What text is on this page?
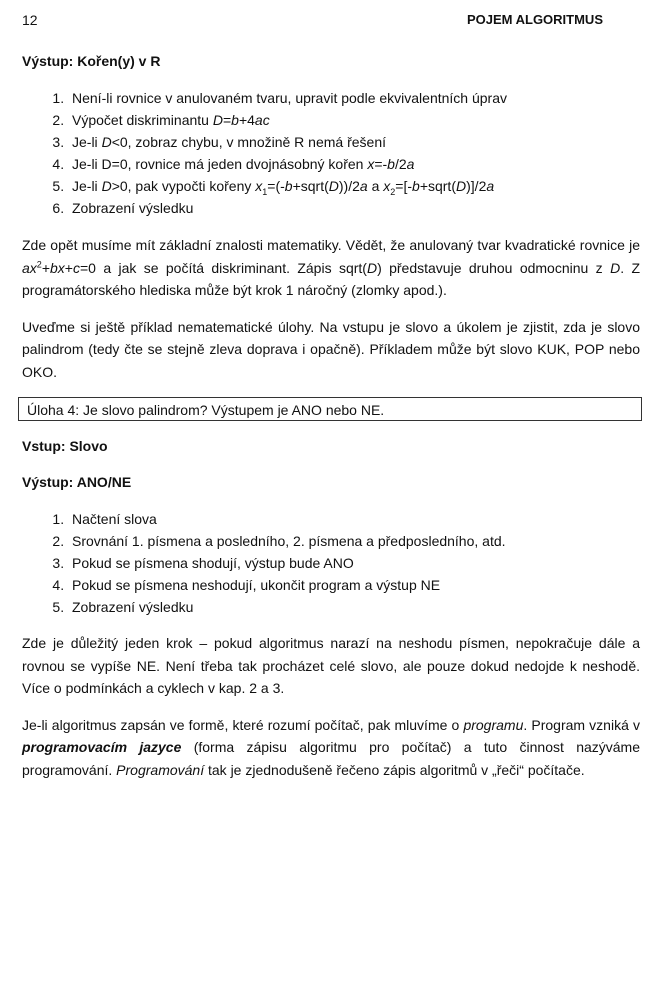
12	POJEM ALGORITMUS

Výstup: Kořen(y) v R

1. Není-li rovnice v anulovaném tvaru, upravit podle ekvivalentních úprav
2. Výpočet diskriminantu D=b+4ac
3. Je-li D<0, zobraz chybu, v množině R nemá řešení
4. Je-li D=0, rovnice má jeden dvojnásobný kořen x=-b/2a
5. Je-li D>0, pak vypočti kořeny $x_1=(-b+sqrt(D))/2a$ a $x_2=[-b+sqrt(D)]/2a$
6. Zobrazení výsledku

Zde opět musíme mít základní znalosti matematiky. Vědět, že anulovaný tvar kvadratické rovnice je $ax^2+bx+c=0$ a jak se počítá diskriminant. Zápis sqrt(D) představuje druhou odmocninu z D. Z programátorského hlediska může být krok 1 náročný (zlomky apod.).

Uveďme si ještě příklad nematematické úlohy. Na vstupu je slovo a úkolem je zjistit, zda je slovo palindrom (tedy čte se stejně zleva doprava i opačně). Příkladem může být slovo KUK, POP nebo OKO.

Úloha 4: Je slovo palindrom? Výstupem je ANO nebo NE.

Vstup: Slovo

Výstup: ANO/NE

1. Načtení slova
2. Srovnání 1. písmena a posledního, 2. písmena a předposledního, atd.
3. Pokud se písmena shodují, výstup bude ANO
4. Pokud se písmena neshodují, ukončit program a výstup NE
5. Zobrazení výsledku

Zde je důležitý jeden krok – pokud algoritmus narazí na neshodu písmen, nepokračuje dále a rovnou se vypíše NE. Není třeba tak procházet celé slovo, ale pouze dokud nedojde k neshodě. Více o podmínkách a cyklech v kap. 2 a 3.

Je-li algoritmus zapsán ve formě, které rozumí počítač, pak mluvíme o programu. Program vzniká v programovacím jazyce (forma zápisu algoritmu pro počítač) a tuto činnost nazýváme programování. Programování tak je zjednodušeně řečeno zápis algoritmů v „řeči“ počítače.
